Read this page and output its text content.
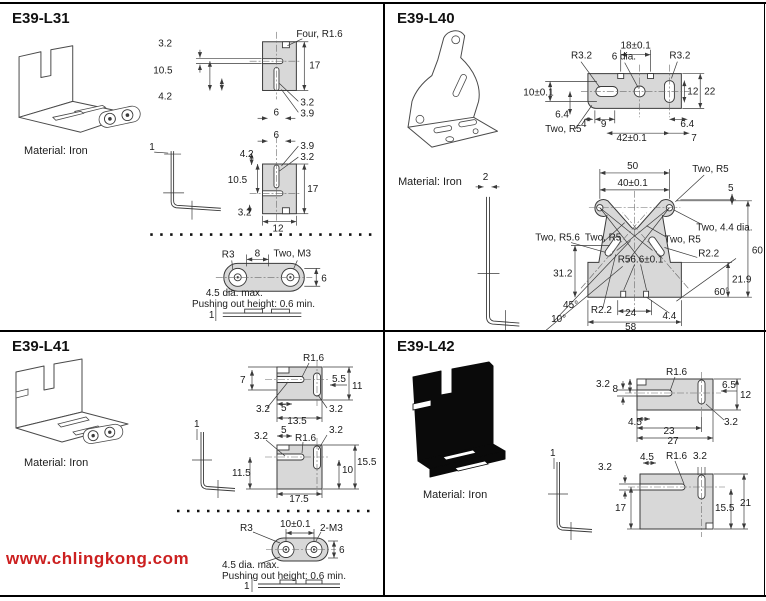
E39-L31
Material: Iron	1
3.2
10.5
4.2
17
Four, R1.6
3.2
3.9
6
6
3.9
4.2	3.2
10.5
17
3.2
12
R3 8 Two, M3
6
4.5 dia. max.
Pushing out height: 0.6 min.
1
E39-L40
Material: Iron 2
R3.2 6 dia.
18±0.1
R3.2
10±0.1
6.4
12 22
4 9	6.4
42±0.1	7
Two, R5
50	Two, R5
40±0.1	5
Two, 4.4 dia.
Two, R5.6 Two, R5	Two, R5
R56.6±0.1
R2.2
31.2
60
21.9
60°
45° R2.2
10°
24	4.4
58
E39-L41
Material: Iron
1
R1.6
7	5.5
11
3.2 5	3.2
13.5
5	3.2
3.2	R1.6
11.5	10
15.5
17.5
R3	10±0.1 2-M3
6
4.5 dia. max.
Pushing out height: 0.6 min.
1
E39-L42
Material: Iron
1
3.2 8
R1.6
6.5
12
4.5	3.2
23
27
3.2
4.5 R1.6 3.2
17	15.5 21
www.chlingkong.com
